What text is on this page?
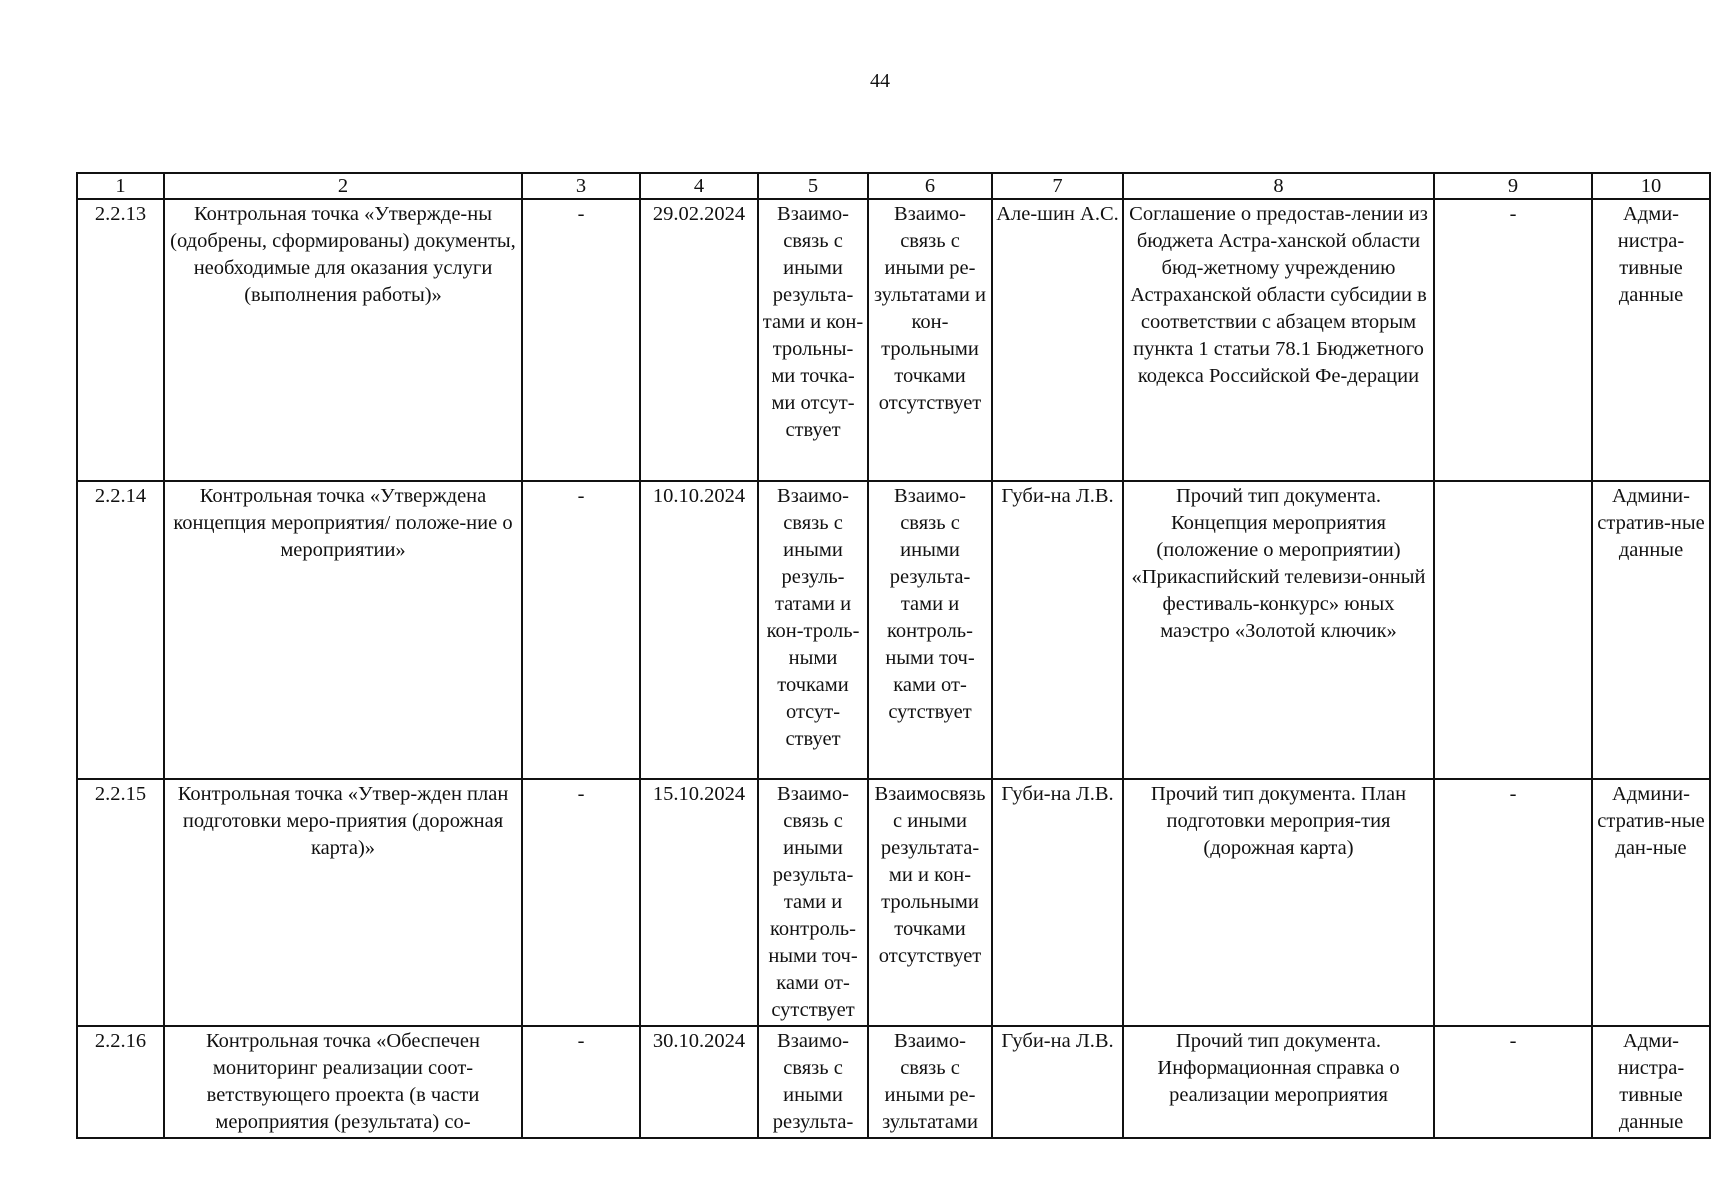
44
1	2	3	4	5	6	7	8	9	10
2.2.13	Контрольная точка «Утвержде-ны (одобрены, сформированы) документы, необходимые для оказания услуги (выполнения работы)»	-	29.02.2024	Взаимо-связь с иными результа-тами и кон-трольны-ми точка-ми отсут-ствует	Взаимо-связь с иными ре-зультатами и кон-трольными точками отсутствует	Але-шин А.С.	Соглашение о предостав-лении из бюджета Астра-ханской области бюд-жетному учреждению Астраханской области субсидии в соответствии с абзацем вторым пункта 1 статьи 78.1 Бюджетного кодекса Российской Фе-дерации	-	Адми-нистра-тивные данные
2.2.14	Контрольная точка «Утверждена концепция мероприятия/ положе-ние о мероприятии»	-	10.10.2024	Взаимо-связь с иными резуль-татами и кон-троль-ными точками отсут-ствует	Взаимо-связь с иными результа-тами и контроль-ными точ-ками от-сутствует	Губи-на Л.В.	Прочий тип документа. Концепция мероприятия (положение о мероприятии) «Прикаспийский телевизи-онный фестиваль-конкурс» юных маэстро «Золотой ключик»		Админи-стратив-ные данные
2.2.15	Контрольная точка «Утвер-жден план подготовки меро-приятия (дорожная карта)»	-	15.10.2024	Взаимо-связь с иными результа-тами и контроль-ными точ-ками от-сутствует	Взаимосвязь с иными результата-ми и кон-трольными точками отсутствует	Губи-на Л.В.	Прочий тип документа. План подготовки мероприя-тия (дорожная карта)	-	Админи-стратив-ные дан-ные
2.2.16	Контрольная точка «Обеспечен мониторинг реализации соот-ветствующего проекта (в части мероприятия (результата) со-	-	30.10.2024	Взаимо-связь с иными результа-	Взаимо-связь с иными ре-зультатами	Губи-на Л.В.	Прочий тип документа. Информационная справка о реализации мероприятия	-	Адми-нистра-тивные данные
